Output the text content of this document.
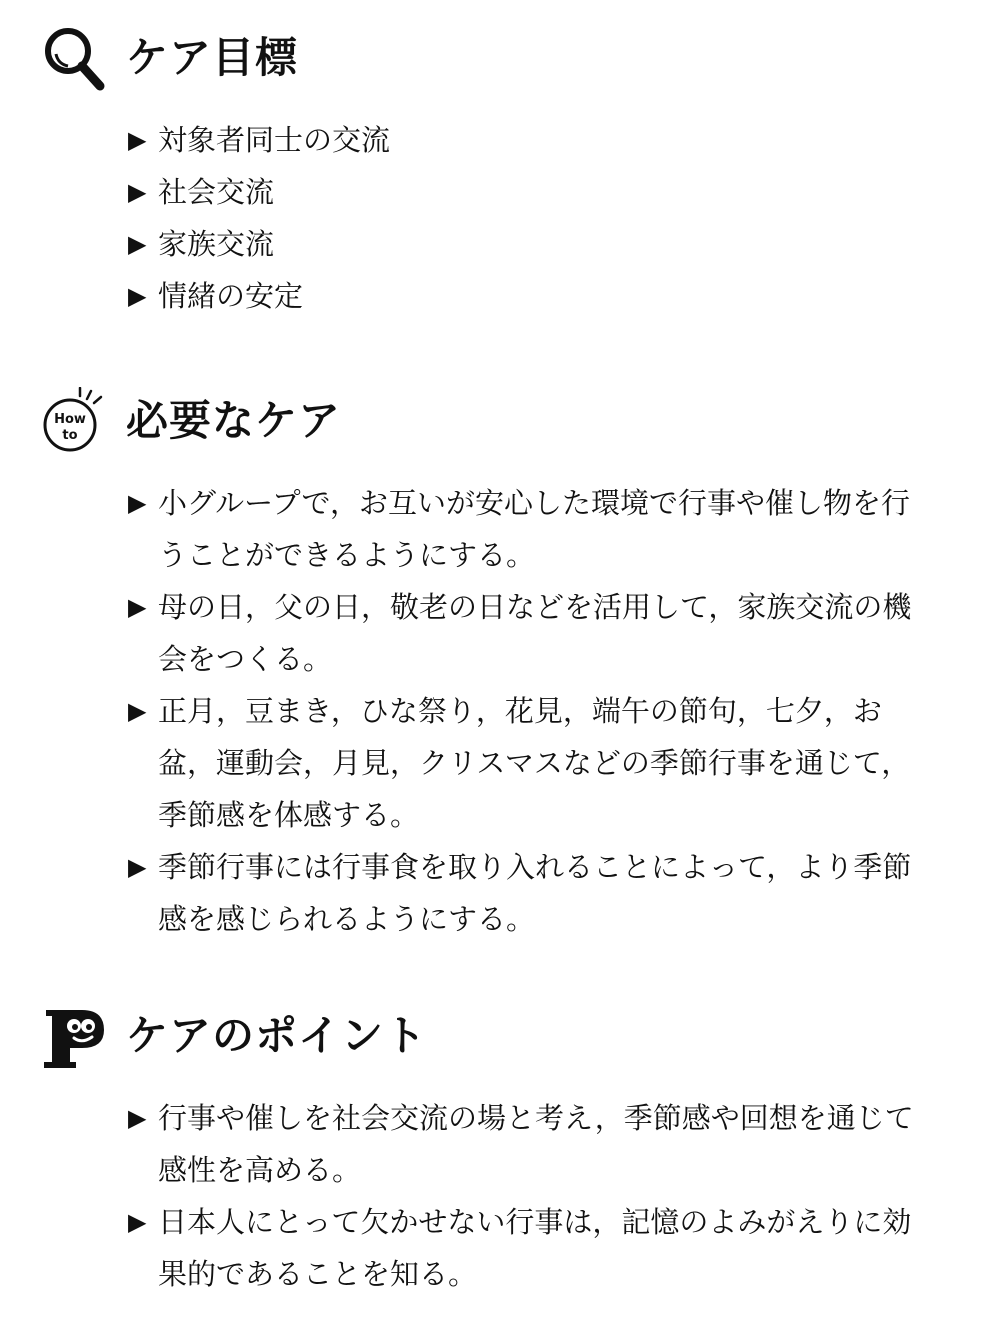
ケア目標
▶ 対象者同士の交流
▶ 社会交流
▶ 家族交流
▶ 情緒の安定
How
to 必要なケア
▶ 小グループで，お互いが安心した環境で行事や催し物を行うことができるようにする。
▶ 母の日，父の日，敬老の日などを活用して，家族交流の機会をつくる。
▶ 正月，豆まき，ひな祭り，花見，端午の節句，七夕，お盆，運動会，月見，クリスマスなどの季節行事を通じて，季節感を体感する。
▶ 季節行事には行事食を取り入れることによって，より季節感を感じられるようにする。
ケアのポイント
▶ 行事や催しを社会交流の場と考え，季節感や回想を通じて感性を高める。
▶ 日本人にとって欠かせない行事は，記憶のよみがえりに効果的であることを知る。
